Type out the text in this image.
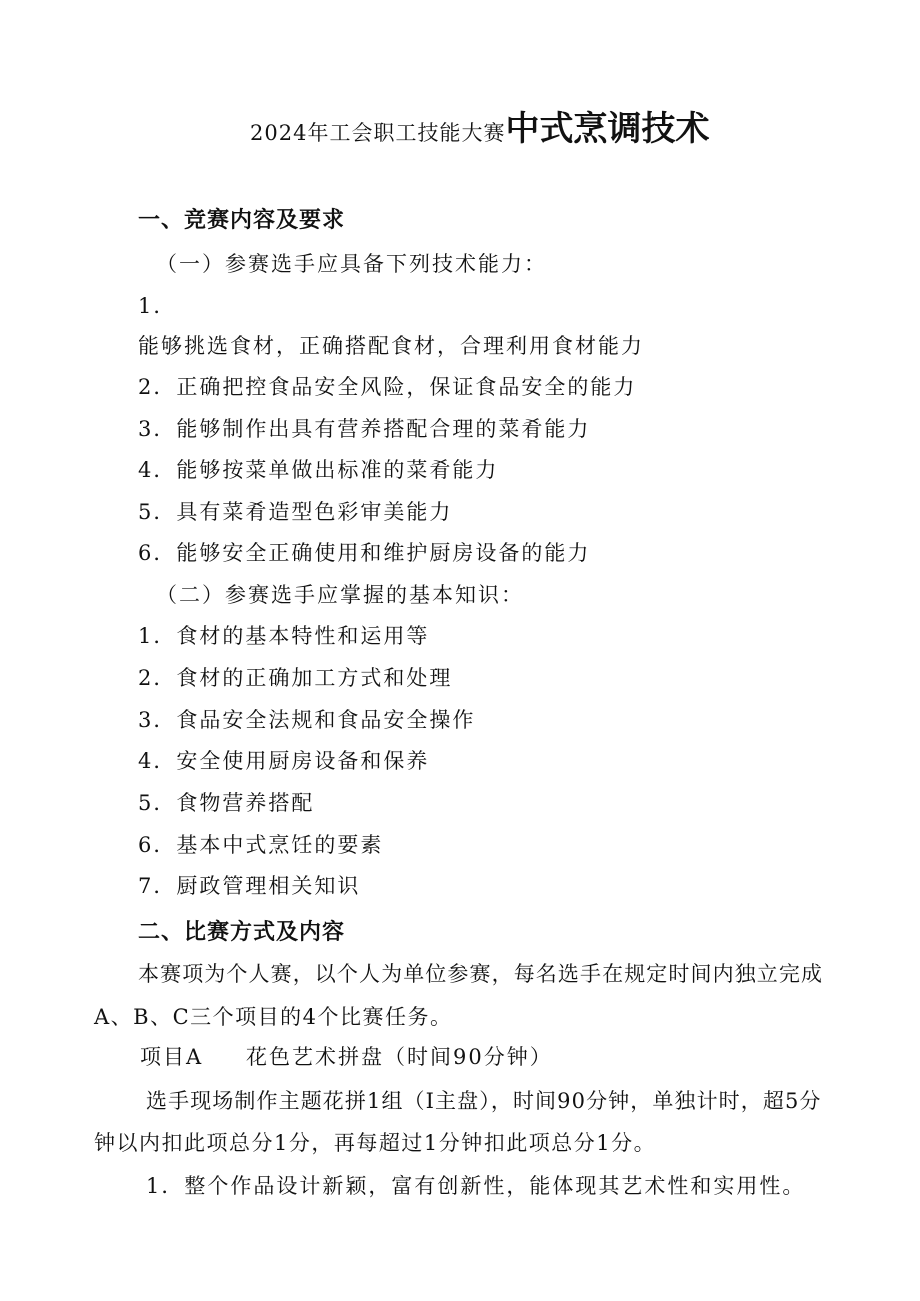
2024年工会职工技能大赛中式烹调技术
一、竞赛内容及要求
（一）参赛选手应具备下列技术能力：
1．
能够挑选食材，正确搭配食材，合理利用食材能力
2．正确把控食品安全风险，保证食品安全的能力
3．能够制作出具有营养搭配合理的菜肴能力
4．能够按菜单做出标准的菜肴能力
5．具有菜肴造型色彩审美能力
6．能够安全正确使用和维护厨房设备的能力
（二）参赛选手应掌握的基本知识：
1．食材的基本特性和运用等
2．食材的正确加工方式和处理
3．食品安全法规和食品安全操作
4．安全使用厨房设备和保养
5．食物营养搭配
6．基本中式烹饪的要素
7．厨政管理相关知识
二、比赛方式及内容
本赛项为个人赛，以个人为单位参赛，每名选手在规定时间内独立完成
A、B、C三个项目的4个比赛任务。
项目A 花色艺术拼盘（时间90分钟）
选手现场制作主题花拼1组（I主盘），时间90分钟，单独计时，超5分
钟以内扣此项总分1分，再每超过1分钟扣此项总分1分。
1．整个作品设计新颖，富有创新性，能体现其艺术性和实用性。
